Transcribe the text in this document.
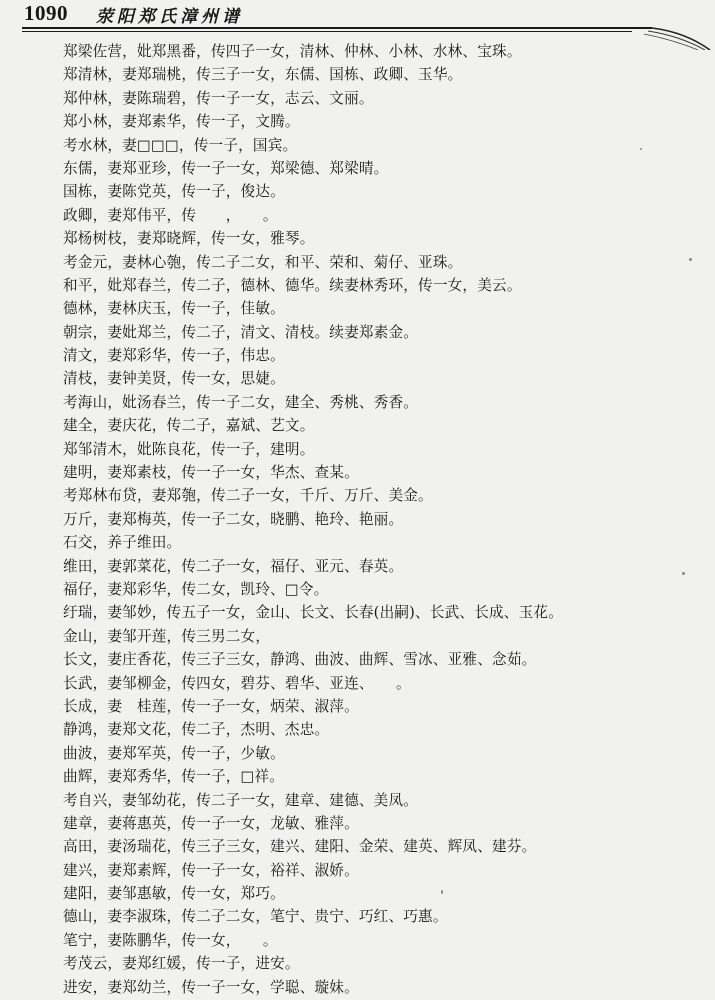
1090 荥阳郑氏漳州谱
郑梁佐营，妣郑黑番，传四子一女，清林、仲林、小林、水林、宝珠。
郑清林，妻郑瑞桃，传三子一女，东儒、国栋、政卿、玉华。
郑仲林，妻陈瑞碧，传一子一女，志云、文丽。
郑小林，妻郑素华，传一子，文腾。
考水林，妻□□□，传一子，国宾。
东儒，妻郑亚珍，传一子一女，郑梁德、郑梁晴。
国栋，妻陈党英，传一子，俊达。
政卿，妻郑伟平，传　　，　　。
郑杨树枝，妻郑晓辉，传一女，雅琴。
考金元，妻林心匏，传二子二女，和平、荣和、菊仔、亚珠。
和平，妣郑春兰，传二子，德林、德华。续妻林秀环，传一女，美云。
德林，妻林庆玉，传一子，佳敏。
朝宗，妻妣郑兰，传二子，清文、清枝。续妻郑素金。
清文，妻郑彩华，传一子，伟忠。
清枝，妻钟美贤，传一女，思婕。
考海山，妣汤春兰，传一子二女，建全、秀桃、秀香。
建全，妻庆花，传二子，嘉斌、艺文。
郑邹清木，妣陈良花，传一子，建明。
建明，妻郑素枝，传一子一女，华杰、查某。
考郑林布贷，妻郑匏，传二子一女，千斤、万斤、美金。
万斤，妻郑梅英，传一子二女，晓鹏、艳玲、艳丽。
石交，养子维田。
维田，妻郭菜花，传二子一女，福仔、亚元、春英。
福仔，妻郑彩华，传二女，凯玲、□令。
纡瑞，妻邹妙，传五子一女，金山、长文、长春(出嗣)、长武、长成、玉花。
金山，妻邹开莲，传三男二女，
长文，妻庄香花，传三子三女，静鸿、曲波、曲辉、雪冰、亚雅、念茹。
长武，妻邹柳金，传四女，碧芬、碧华、亚连、　　。
长成，妻　桂莲，传一子一女，炳荣、淑萍。
静鸿，妻郑文花，传二子，杰明、杰忠。
曲波，妻郑军英，传一子，少敏。
曲辉，妻郑秀华，传一子，□祥。
考自兴，妻邹幼花，传二子一女，建章、建德、美凤。
建章，妻蒋惠英，传一子一女，龙敏、雅萍。
高田，妻汤瑞花，传三子三女，建兴、建阳、金荣、建英、辉凤、建芬。
建兴，妻郑素辉，传一子一女，裕祥、淑娇。
建阳，妻邹惠敏，传一女，郑巧。
德山，妻李淑珠，传二子二女，笔宁、贵宁、巧红、巧惠。
笔宁，妻陈鹏华，传一女，　　。
考茂云，妻郑红媛，传一子，进安。
进安，妻郑幼兰，传一子一女，学聪、璇妹。
